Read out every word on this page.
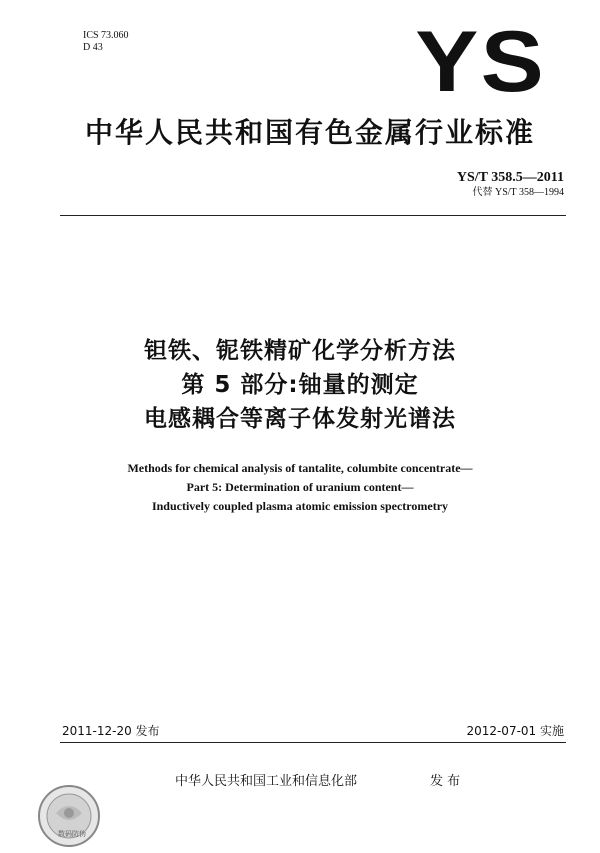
ICS 73.060
D 43	YS
中华人民共和国有色金属行业标准
YS/T 358.5—2011
代替 YS/T 358—1994
钽铁、铌铁精矿化学分析方法
第 5 部分:铀量的测定
电感耦合等离子体发射光谱法
Methods for chemical analysis of tantalite, columbite concentrate—
Part 5: Determination of uranium content—
Inductively coupled plasma atomic emission spectrometry
2011-12-20 发布	2012-07-01 实施
中华人民共和国工业和信息化部	发 布
数码防伪
